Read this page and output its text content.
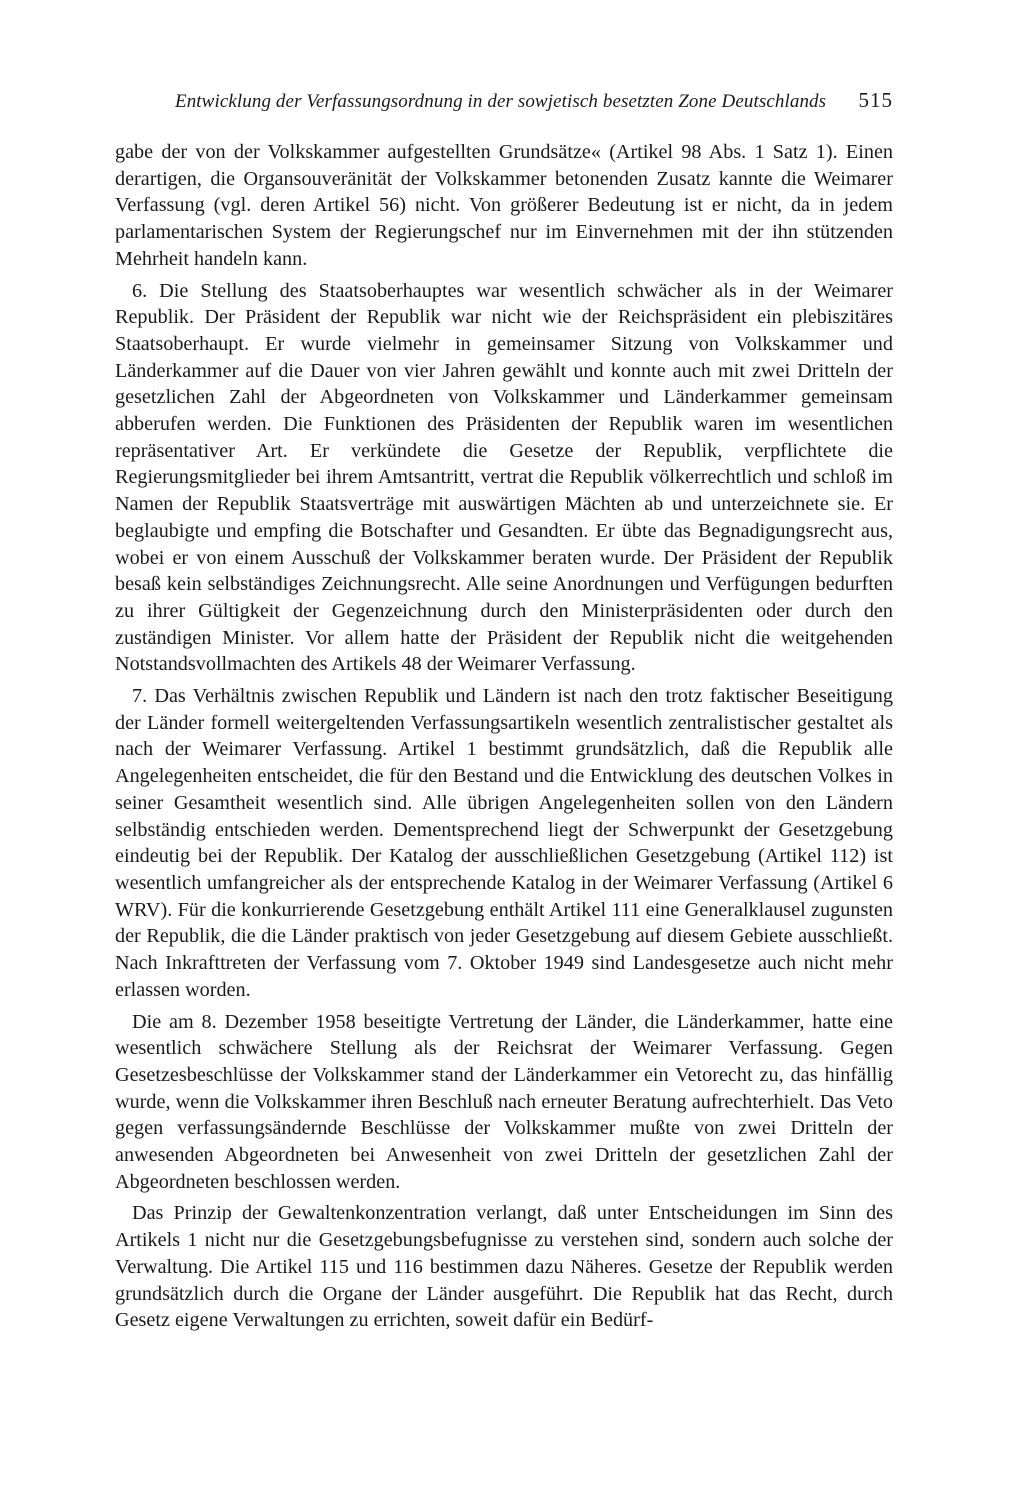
Entwicklung der Verfassungsordnung in der sowjetisch besetzten Zone Deutschlands 515

gabe der von der Volkskammer aufgestellten Grundsätze« (Artikel 98 Abs. 1 Satz 1). Einen derartigen, die Organsouveränität der Volkskammer betonenden Zusatz kannte die Weimarer Verfassung (vgl. deren Artikel 56) nicht. Von größerer Bedeutung ist er nicht, da in jedem parlamentarischen System der Regierungschef nur im Einvernehmen mit der ihn stützenden Mehrheit handeln kann.

6. Die Stellung des Staatsoberhauptes war wesentlich schwächer als in der Weimarer Republik. Der Präsident der Republik war nicht wie der Reichspräsident ein plebiszitäres Staatsoberhaupt. Er wurde vielmehr in gemeinsamer Sitzung von Volkskammer und Länderkammer auf die Dauer von vier Jahren gewählt und konnte auch mit zwei Dritteln der gesetzlichen Zahl der Abgeordneten von Volkskammer und Länderkammer gemeinsam abberufen werden. Die Funktionen des Präsidenten der Republik waren im wesentlichen repräsentativer Art. Er verkündete die Gesetze der Republik, verpflichtete die Regierungsmitglieder bei ihrem Amtsantritt, vertrat die Republik völkerrechtlich und schloß im Namen der Republik Staatsverträge mit auswärtigen Mächten ab und unterzeichnete sie. Er beglaubigte und empfing die Botschafter und Gesandten. Er übte das Begnadigungsrecht aus, wobei er von einem Ausschuß der Volkskammer beraten wurde. Der Präsident der Republik besaß kein selbständiges Zeichnungsrecht. Alle seine Anordnungen und Verfügungen bedurften zu ihrer Gültigkeit der Gegenzeichnung durch den Ministerpräsidenten oder durch den zuständigen Minister. Vor allem hatte der Präsident der Republik nicht die weitgehenden Notstandsvollmachten des Artikels 48 der Weimarer Verfassung.

7. Das Verhältnis zwischen Republik und Ländern ist nach den trotz faktischer Beseitigung der Länder formell weitergeltenden Verfassungsartikeln wesentlich zentralistischer gestaltet als nach der Weimarer Verfassung. Artikel 1 bestimmt grundsätzlich, daß die Republik alle Angelegenheiten entscheidet, die für den Bestand und die Entwicklung des deutschen Volkes in seiner Gesamtheit wesentlich sind. Alle übrigen Angelegenheiten sollen von den Ländern selbständig entschieden werden. Dementsprechend liegt der Schwerpunkt der Gesetzgebung eindeutig bei der Republik. Der Katalog der ausschließlichen Gesetzgebung (Artikel 112) ist wesentlich umfangreicher als der entsprechende Katalog in der Weimarer Verfassung (Artikel 6 WRV). Für die konkurrierende Gesetzgebung enthält Artikel 111 eine Generalklausel zugunsten der Republik, die die Länder praktisch von jeder Gesetzgebung auf diesem Gebiete ausschließt. Nach Inkrafttreten der Verfassung vom 7. Oktober 1949 sind Landesgesetze auch nicht mehr erlassen worden.

Die am 8. Dezember 1958 beseitigte Vertretung der Länder, die Länderkammer, hatte eine wesentlich schwächere Stellung als der Reichsrat der Weimarer Verfassung. Gegen Gesetzesbeschlüsse der Volkskammer stand der Länderkammer ein Vetorecht zu, das hinfällig wurde, wenn die Volkskammer ihren Beschluß nach erneuter Beratung aufrechterhielt. Das Veto gegen verfassungsändernde Beschlüsse der Volkskammer mußte von zwei Dritteln der anwesenden Abgeordneten bei Anwesenheit von zwei Dritteln der gesetzlichen Zahl der Abgeordneten beschlossen werden.

Das Prinzip der Gewaltenkonzentration verlangt, daß unter Entscheidungen im Sinn des Artikels 1 nicht nur die Gesetzgebungsbefugnisse zu verstehen sind, sondern auch solche der Verwaltung. Die Artikel 115 und 116 bestimmen dazu Näheres. Gesetze der Republik werden grundsätzlich durch die Organe der Länder ausgeführt. Die Republik hat das Recht, durch Gesetz eigene Verwaltungen zu errichten, soweit dafür ein Bedürf-
